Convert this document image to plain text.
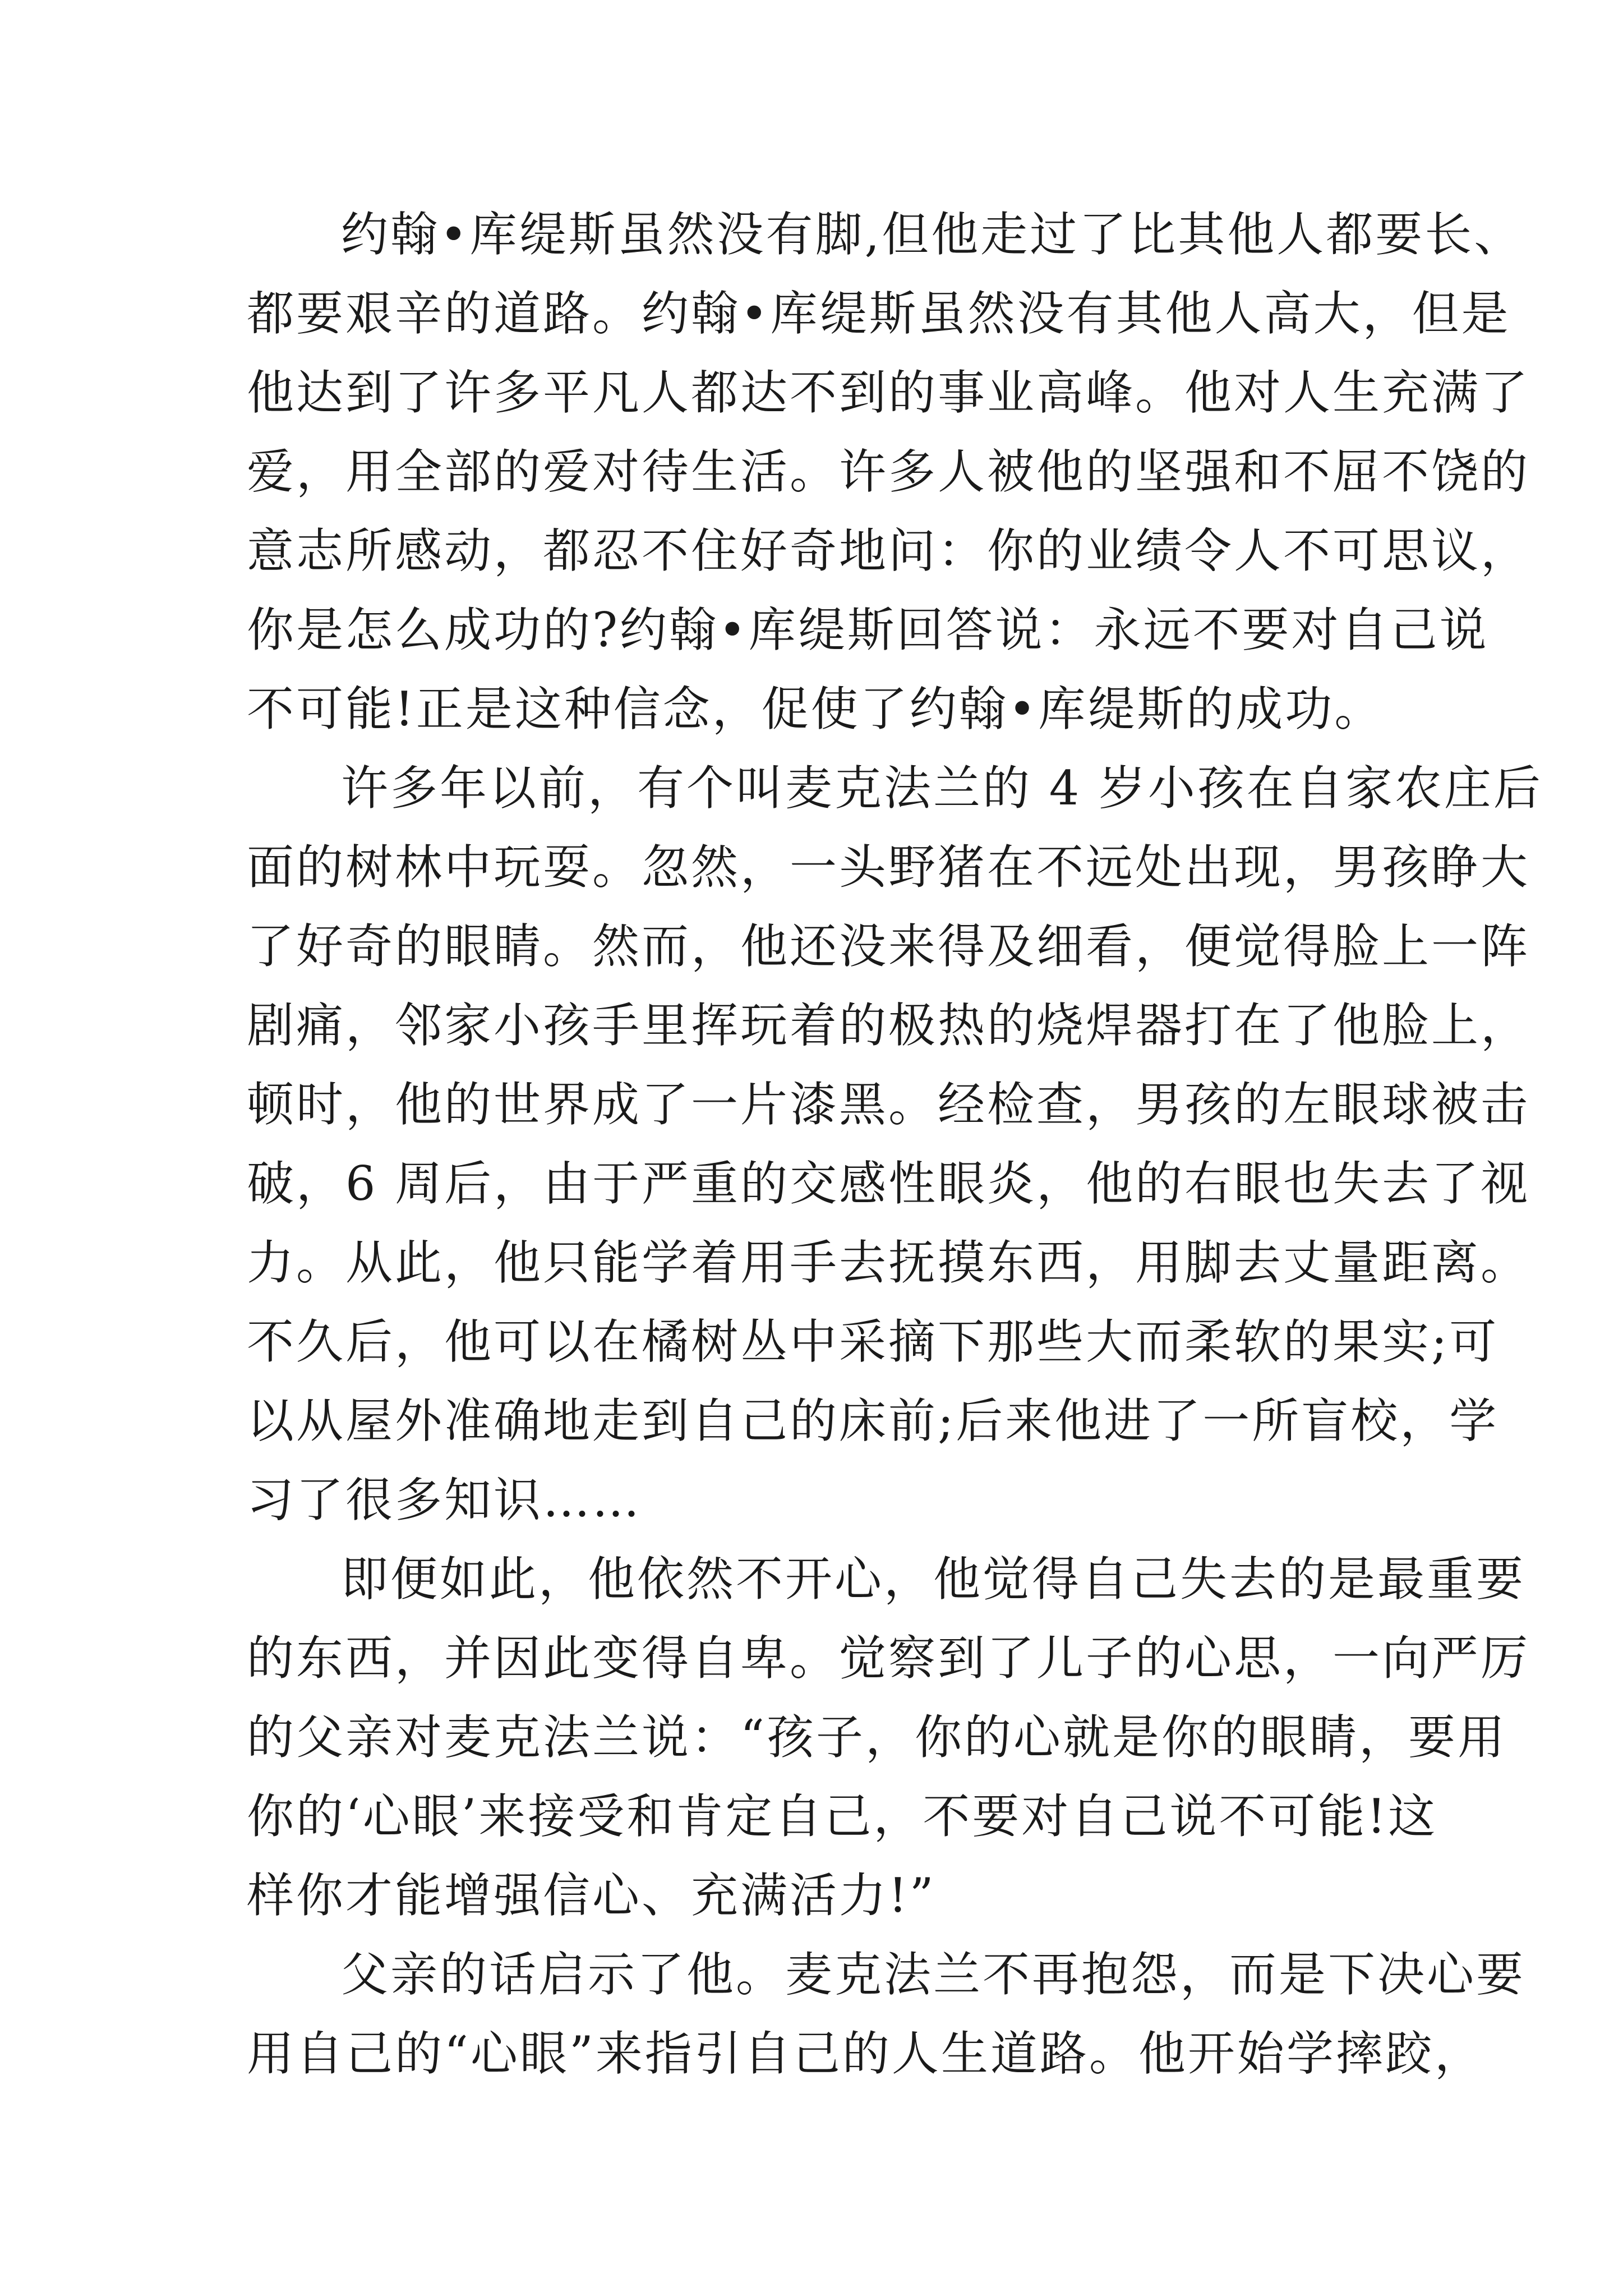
约翰•库缇斯虽然没有脚,但他走过了比其他人都要长、
都要艰辛的道路。约翰•库缇斯虽然没有其他人高大，但是
他达到了许多平凡人都达不到的事业高峰。他对人生充满了
爱，用全部的爱对待生活。许多人被他的坚强和不屈不饶的
意志所感动，都忍不住好奇地问：你的业绩令人不可思议，
你是怎么成功的?约翰•库缇斯回答说：永远不要对自己说
不可能!正是这种信念，促使了约翰•库缇斯的成功。
许多年以前，有个叫麦克法兰的 4 岁小孩在自家农庄后
面的树林中玩耍。忽然，一头野猪在不远处出现，男孩睁大
了好奇的眼睛。然而，他还没来得及细看，便觉得脸上一阵
剧痛，邻家小孩手里挥玩着的极热的烧焊器打在了他脸上，
顿时，他的世界成了一片漆黑。经检查，男孩的左眼球被击
破，6 周后，由于严重的交感性眼炎，他的右眼也失去了视
力。从此，他只能学着用手去抚摸东西，用脚去丈量距离。
不久后，他可以在橘树丛中采摘下那些大而柔软的果实;可
以从屋外准确地走到自己的床前;后来他进了一所盲校，学
习了很多知识……
即便如此，他依然不开心，他觉得自己失去的是最重要
的东西，并因此变得自卑。觉察到了儿子的心思，一向严厉
的父亲对麦克法兰说：“孩子，你的心就是你的眼睛，要用
你的‘心眼’来接受和肯定自己，不要对自己说不可能!这
样你才能增强信心、充满活力!”
父亲的话启示了他。麦克法兰不再抱怨，而是下决心要
用自己的“心眼”来指引自己的人生道路。他开始学摔跤，
